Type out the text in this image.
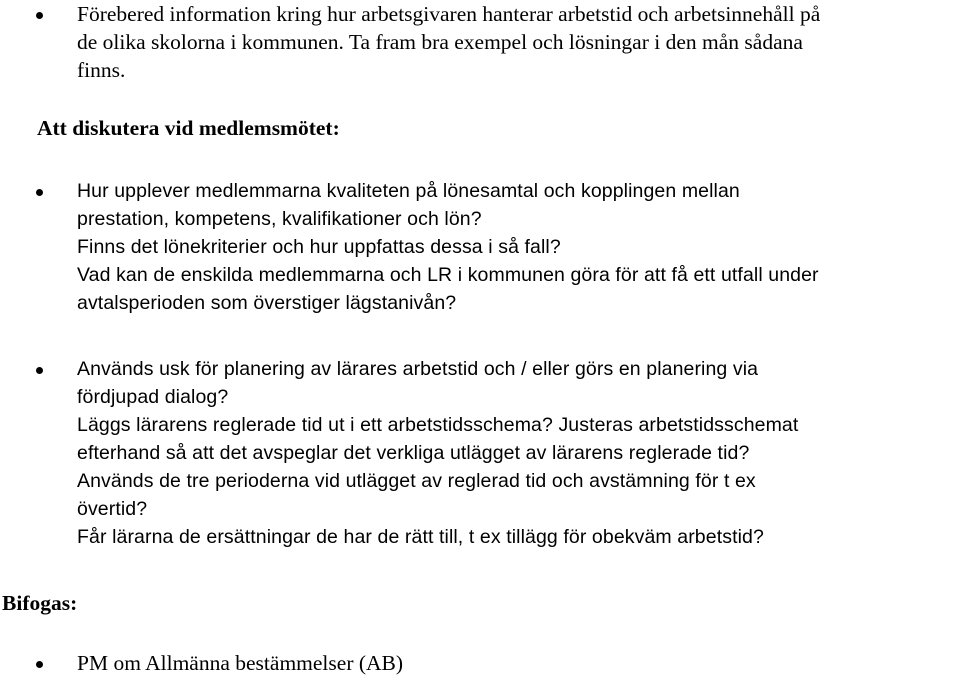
Förebered information kring hur arbetsgivaren hanterar arbetstid och arbetsinnehåll på
de olika skolorna i kommunen. Ta fram bra exempel och lösningar i den mån sådana
finns.
Att diskutera vid medlemsmötet:
Hur upplever medlemmarna kvaliteten på lönesamtal och kopplingen mellan
prestation, kompetens, kvalifikationer och lön?
Finns det lönekriterier och hur uppfattas dessa i så fall?
Vad kan de enskilda medlemmarna och LR i kommunen göra för att få ett utfall under
avtalsperioden som överstiger lägstanivån?
Används usk för planering av lärares arbetstid och / eller görs en planering via
fördjupad dialog?
Läggs lärarens reglerade tid ut i ett arbetstidsschema? Justeras arbetstidsschemat
efterhand så att det avspeglar det verkliga utlägget av lärarens reglerade tid?
Används de tre perioderna vid utlägget av reglerad tid och avstämning för t ex
övertid?
Får lärarna de ersättningar de har de rätt till, t ex tillägg för obekväm arbetstid?
Bifogas:
PM om Allmänna bestämmelser (AB)
